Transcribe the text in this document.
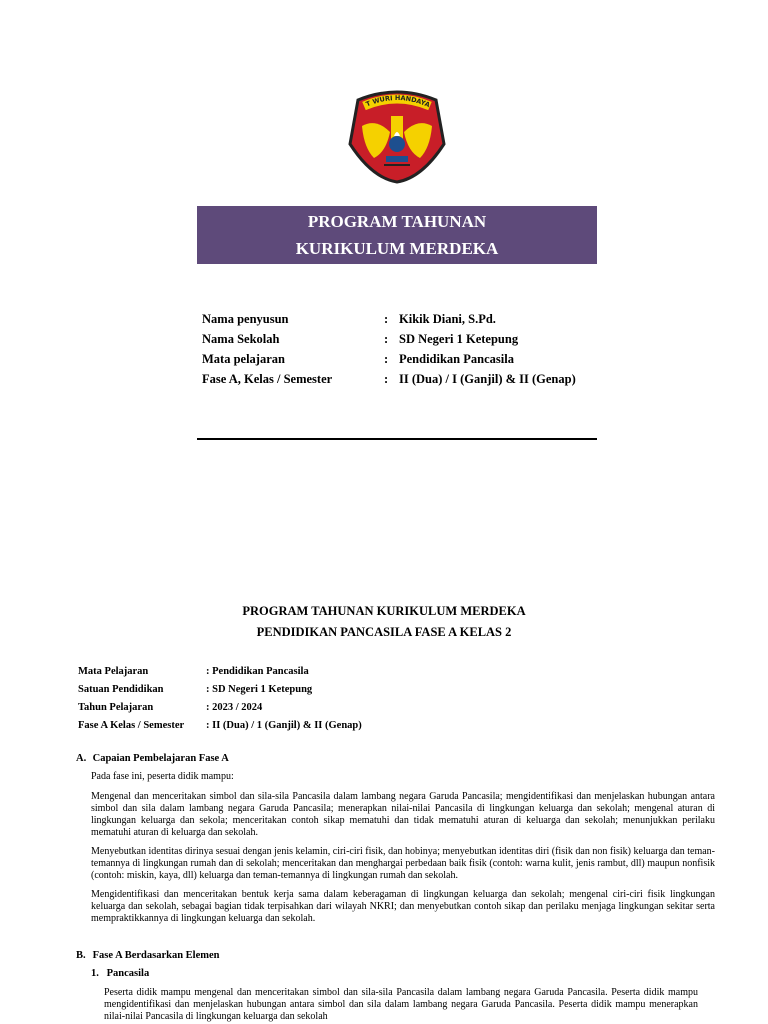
T WURI HANDAYA
PROGRAM TAHUNAN
KURIKULUM MERDEKA
Nama penyusun	: Kikik Diani, S.Pd.
Nama Sekolah	: SD Negeri 1 Ketepung
Mata pelajaran	: Pendidikan Pancasila
Fase A, Kelas / Semester	: II (Dua) / I (Ganjil) & II (Genap)
PROGRAM TAHUNAN KURIKULUM MERDEKA
PENDIDIKAN PANCASILA FASE A KELAS 2
Mata Pelajaran	: Pendidikan Pancasila
Satuan Pendidikan	: SD Negeri 1 Ketepung
Tahun Pelajaran	: 2023 / 2024
Fase A Kelas / Semester	: II (Dua) / 1 (Ganjil) & II (Genap)
A. Capaian Pembelajaran Fase A
Pada fase ini, peserta didik mampu:
Mengenal dan menceritakan simbol dan sila-sila Pancasila dalam lambang negara Garuda Pancasila; mengidentifikasi dan menjelaskan hubungan antara simbol dan sila dalam lambang negara Garuda Pancasila; menerapkan nilai-nilai Pancasila di lingkungan keluarga dan sekolah; mengenal aturan di lingkungan keluarga dan sekola; menceritakan contoh sikap mematuhi dan tidak mematuhi aturan di keluarga dan sekolah; menunjukkan perilaku mematuhi aturan di keluarga dan sekolah.
Menyebutkan identitas dirinya sesuai dengan jenis kelamin, ciri-ciri fisik, dan hobinya; menyebutkan identitas diri (fisik dan non fisik) keluarga dan teman-temannya di lingkungan rumah dan di sekolah; menceritakan dan menghargai perbedaan baik fisik (contoh: warna kulit, jenis rambut, dll) maupun nonfisik (contoh: miskin, kaya, dll) keluarga dan teman-temannya di lingkungan rumah dan sekolah.
Mengidentifikasi dan menceritakan bentuk kerja sama dalam keberagaman di lingkungan keluarga dan sekolah; mengenal ciri-ciri fisik lingkungan keluarga dan sekolah, sebagai bagian tidak terpisahkan dari wilayah NKRI; dan menyebutkan contoh sikap dan perilaku menjaga lingkungan sekitar serta mempraktikkannya di lingkungan keluarga dan sekolah.
B. Fase A Berdasarkan Elemen
1. Pancasila
Peserta didik mampu mengenal dan menceritakan simbol dan sila-sila Pancasila dalam lambang negara Garuda Pancasila. Peserta didik mampu mengidentifikasi dan menjelaskan hubungan antara simbol dan sila dalam lambang negara Garuda Pancasila. Peserta didik mampu menerapkan nilai-nilai Pancasila di lingkungan keluarga dan sekolah
